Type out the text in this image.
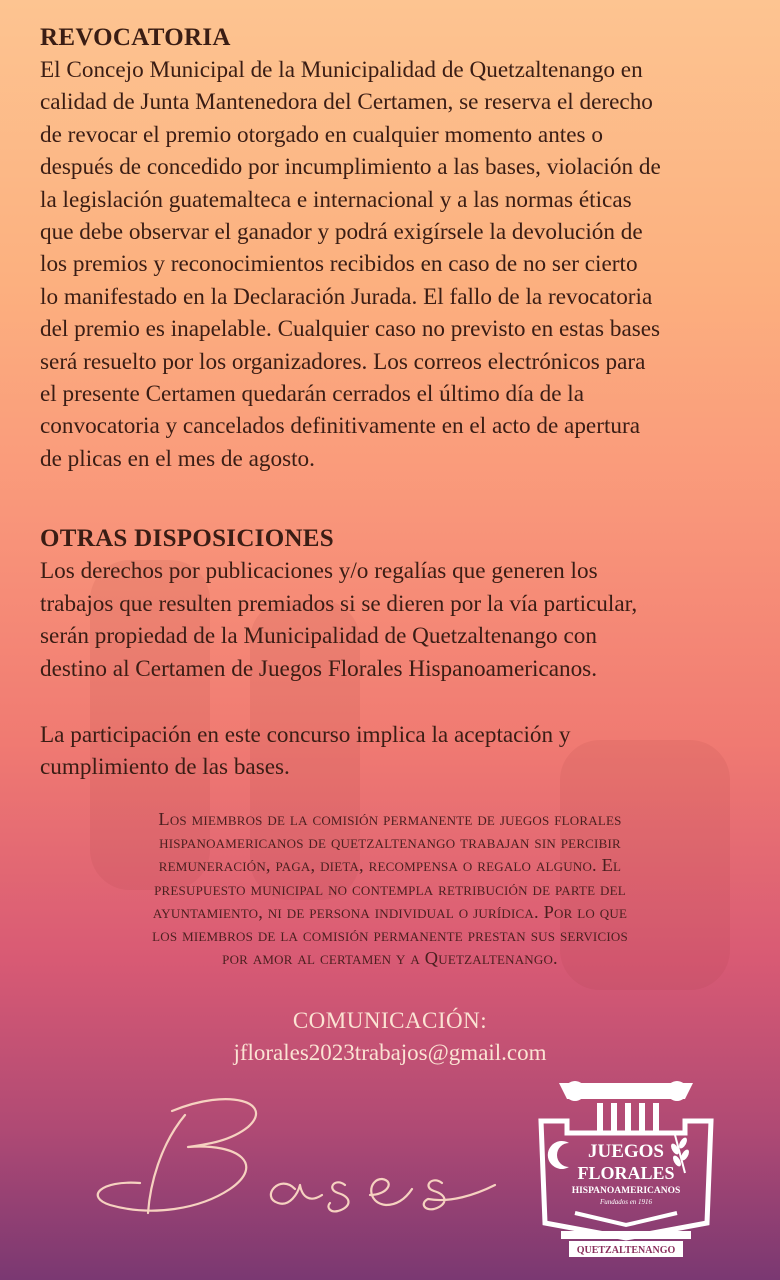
REVOCATORIA

El Concejo Municipal de la Municipalidad de Quetzaltenango en
calidad de Junta Mantenedora del Certamen, se reserva el derecho
de revocar el premio otorgado en cualquier momento antes o
después de concedido por incumplimiento a las bases, violación de
la legislación guatemalteca e internacional y a las normas éticas
que debe observar el ganador y podrá exigírsele la devolución de
los premios y reconocimientos recibidos en caso de no ser cierto
lo manifestado en la Declaración Jurada. El fallo de la revocatoria
del premio es inapelable. Cualquier caso no previsto en estas bases
será resuelto por los organizadores. Los correos electrónicos para
el presente Certamen quedarán cerrados el último día de la
convocatoria y cancelados definitivamente en el acto de apertura
de plicas en el mes de agosto.

OTRAS DISPOSICIONES

Los derechos por publicaciones y/o regalías que generen los
trabajos que resulten premiados si se dieren por la vía particular,
serán propiedad de la Municipalidad de Quetzaltenango con
destino al Certamen de Juegos Florales Hispanoamericanos.

La participación en este concurso implica la aceptación y
cumplimiento de las bases.

Los miembros de la comisión permanente de juegos florales
hispanoamericanos de quetzaltenango trabajan sin percibir
remuneración, paga, dieta, recompensa o regalo alguno. El
presupuesto municipal no contempla retribución de parte del
ayuntamiento, ni de persona individual o jurídica. Por lo que
los miembros de la comisión permanente prestan sus servicios
por amor al certamen y a Quetzaltenango.
COMUNICACIÓN:
jflorales2023trabajos@gmail.com
Bases	JUEGOS
FLORALES
HISPANOAMERICANOS
Fundados en 1916
QUETZALTENANGO
